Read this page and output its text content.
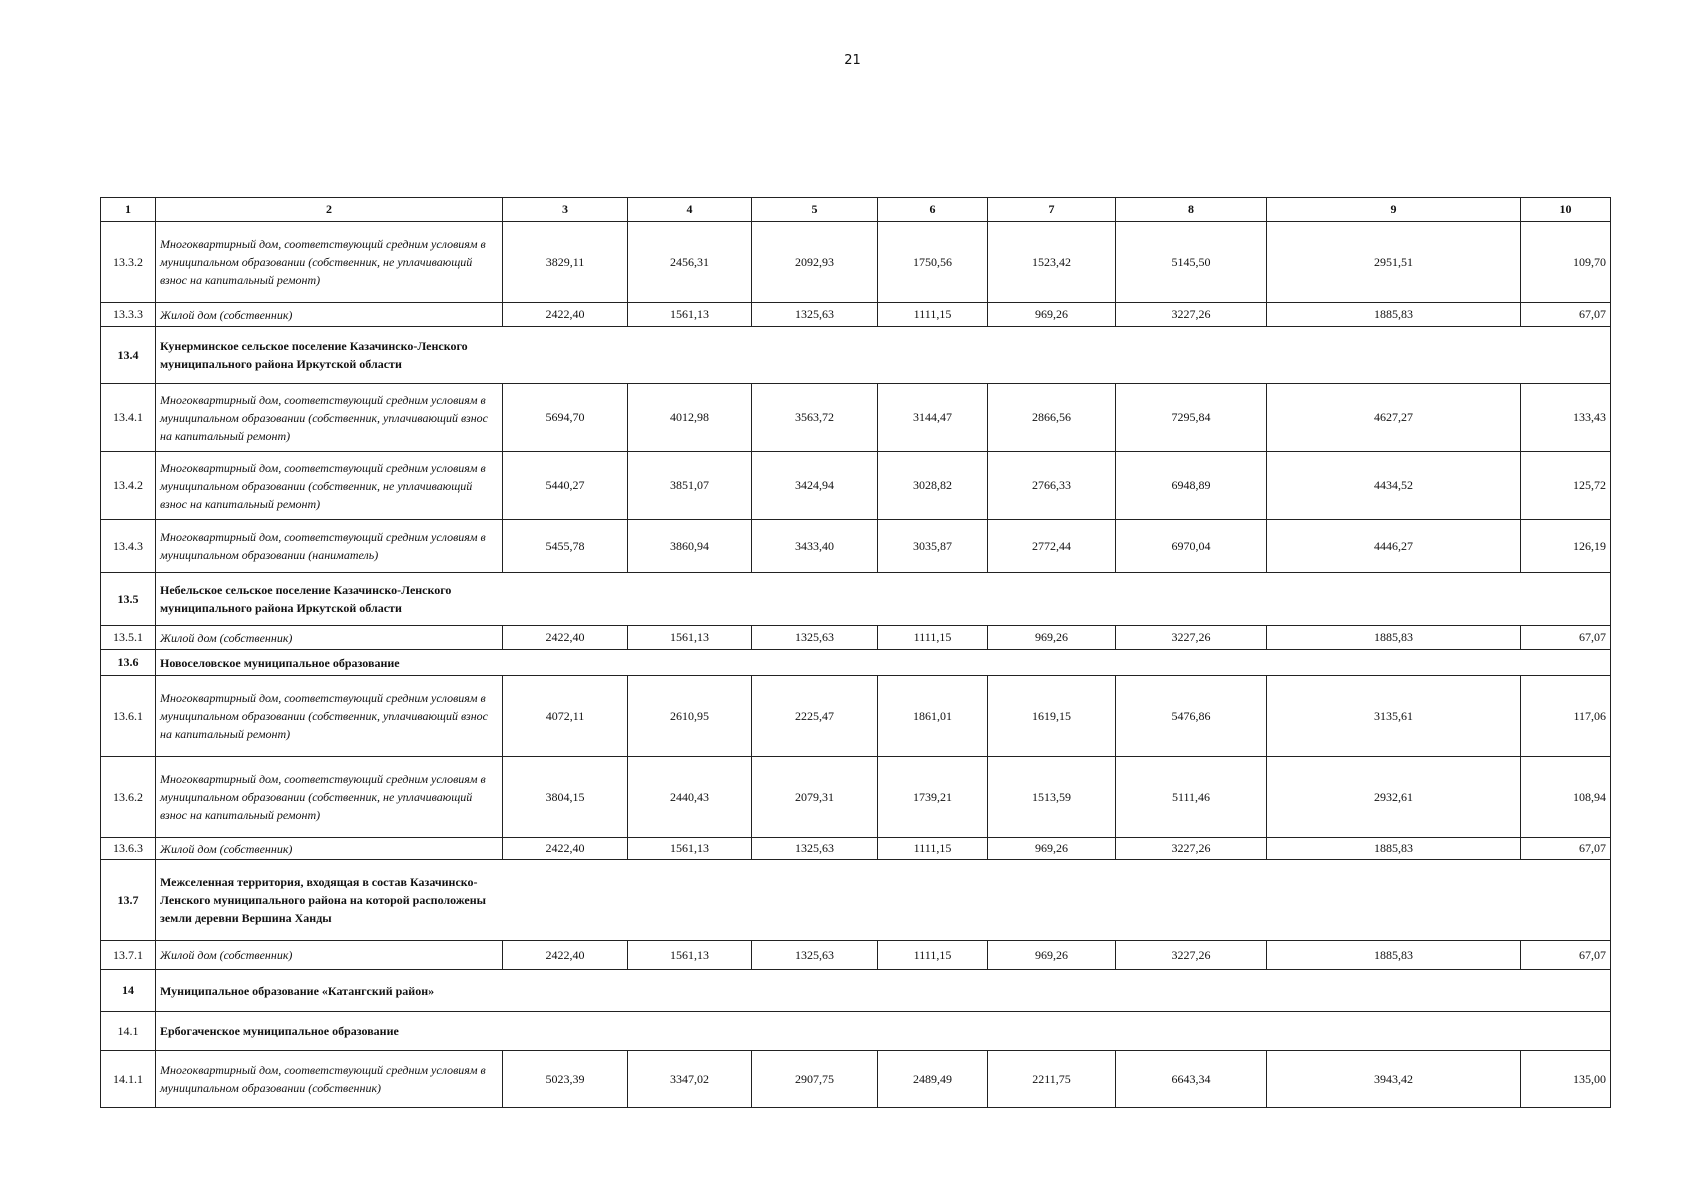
21
1	2	3	4	5	6	7	8	9	10
13.3.2	Многоквартирный дом, соответствующий средним условиям в муниципальном образовании (собственник, не уплачивающий взнос на капитальный ремонт)	3829,11	2456,31	2092,93	1750,56	1523,42	5145,50	2951,51	109,70
13.3.3	Жилой дом (собственник)	2422,40	1561,13	1325,63	1111,15	969,26	3227,26	1885,83	67,07
13.4	Кунерминское сельское поселение Казачинско-Ленского муниципального района Иркутской области								

13.4.1	Многоквартирный дом, соответствующий средним условиям в муниципальном образовании (собственник, уплачивающий взнос на капитальный ремонт)	5694,70	4012,98	3563,72	3144,47	2866,56	7295,84	4627,27	133,43
13.4.2	Многоквартирный дом, соответствующий средним условиям в муниципальном образовании (собственник, не уплачивающий взнос на капитальный ремонт)	5440,27	3851,07	3424,94	3028,82	2766,33	6948,89	4434,52	125,72
13.4.3	Многоквартирный дом, соответствующий средним условиям в муниципальном образовании (наниматель)	5455,78	3860,94	3433,40	3035,87	2772,44	6970,04	4446,27	126,19
13.5	Небельское сельское поселение Казачинско-Ленского муниципального района Иркутской области								

13.5.1	Жилой дом (собственник)	2422,40	1561,13	1325,63	1111,15	969,26	3227,26	1885,83	67,07
13.6	Новоселовское муниципальное образование								
13.6.1	Многоквартирный дом, соответствующий средним условиям в муниципальном образовании (собственник, уплачивающий взнос на капитальный ремонт)	4072,11	2610,95	2225,47	1861,01	1619,15	5476,86	3135,61	117,06
13.6.2	Многоквартирный дом, соответствующий средним условиям в муниципальном образовании (собственник, не уплачивающий взнос на капитальный ремонт)	3804,15	2440,43	2079,31	1739,21	1513,59	5111,46	2932,61	108,94
13.6.3	Жилой дом (собственник)	2422,40	1561,13	1325,63	1111,15	969,26	3227,26	1885,83	67,07
13.7	Межселенная территория, входящая в состав Казачинско-Ленского муниципального района на которой расположены земли деревни Вершина Ханды								

13.7.1	Жилой дом (собственник)	2422,40	1561,13	1325,63	1111,15	969,26	3227,26	1885,83	67,07
14	Муниципальное образование «Катангский район»								
14.1	Ербогаченское муниципальное образование								
14.1.1	Многоквартирный дом, соответствующий средним условиям в муниципальном образовании (собственник)	5023,39	3347,02	2907,75	2489,49	2211,75	6643,34	3943,42	135,00
